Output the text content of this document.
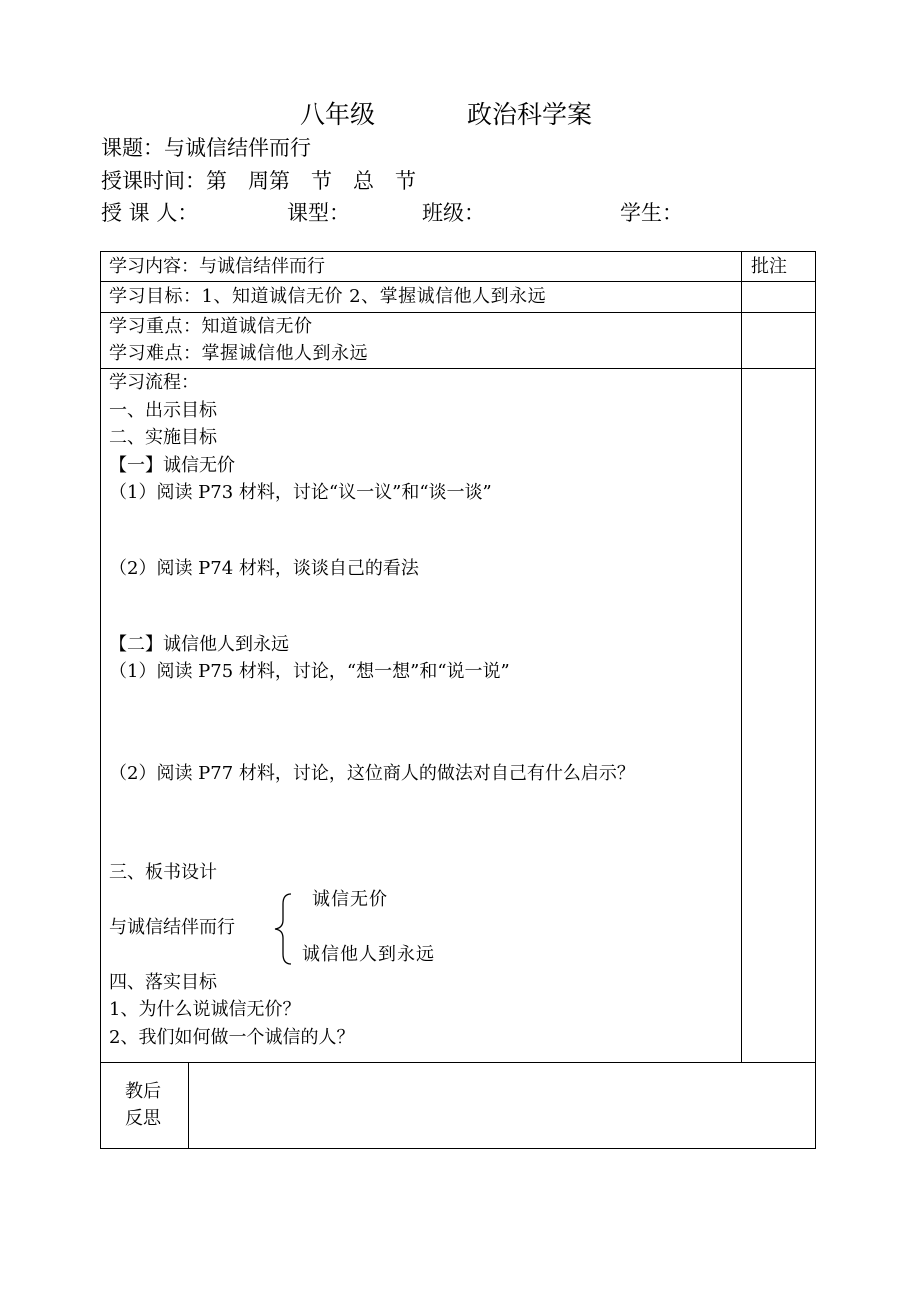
八年级	政治科学案
课题：与诚信结伴而行
授课时间：第　周第　节　总　节
授 课 人：	课型：	班级：	学生：
学习内容：与诚信结伴而行	批注
学习目标：1、知道诚信无价 2、掌握诚信他人到永远
学习重点：知道诚信无价
学习难点：掌握诚信他人到永远
学习流程：
一、出示目标
二、实施目标
【一】诚信无价
（1）阅读 P73 材料，讨论“议一议”和“谈一谈”
（2）阅读 P74 材料，谈谈自己的看法
【二】诚信他人到永远
（1）阅读 P75 材料，讨论，“想一想”和“说一说”
（2）阅读 P77 材料，讨论，这位商人的做法对自己有什么启示？
三、板书设计
与诚信结伴而行
诚信无价
诚信他人到永远
四、落实目标
1、为什么说诚信无价？
2、我们如何做一个诚信的人？
教后
反思
